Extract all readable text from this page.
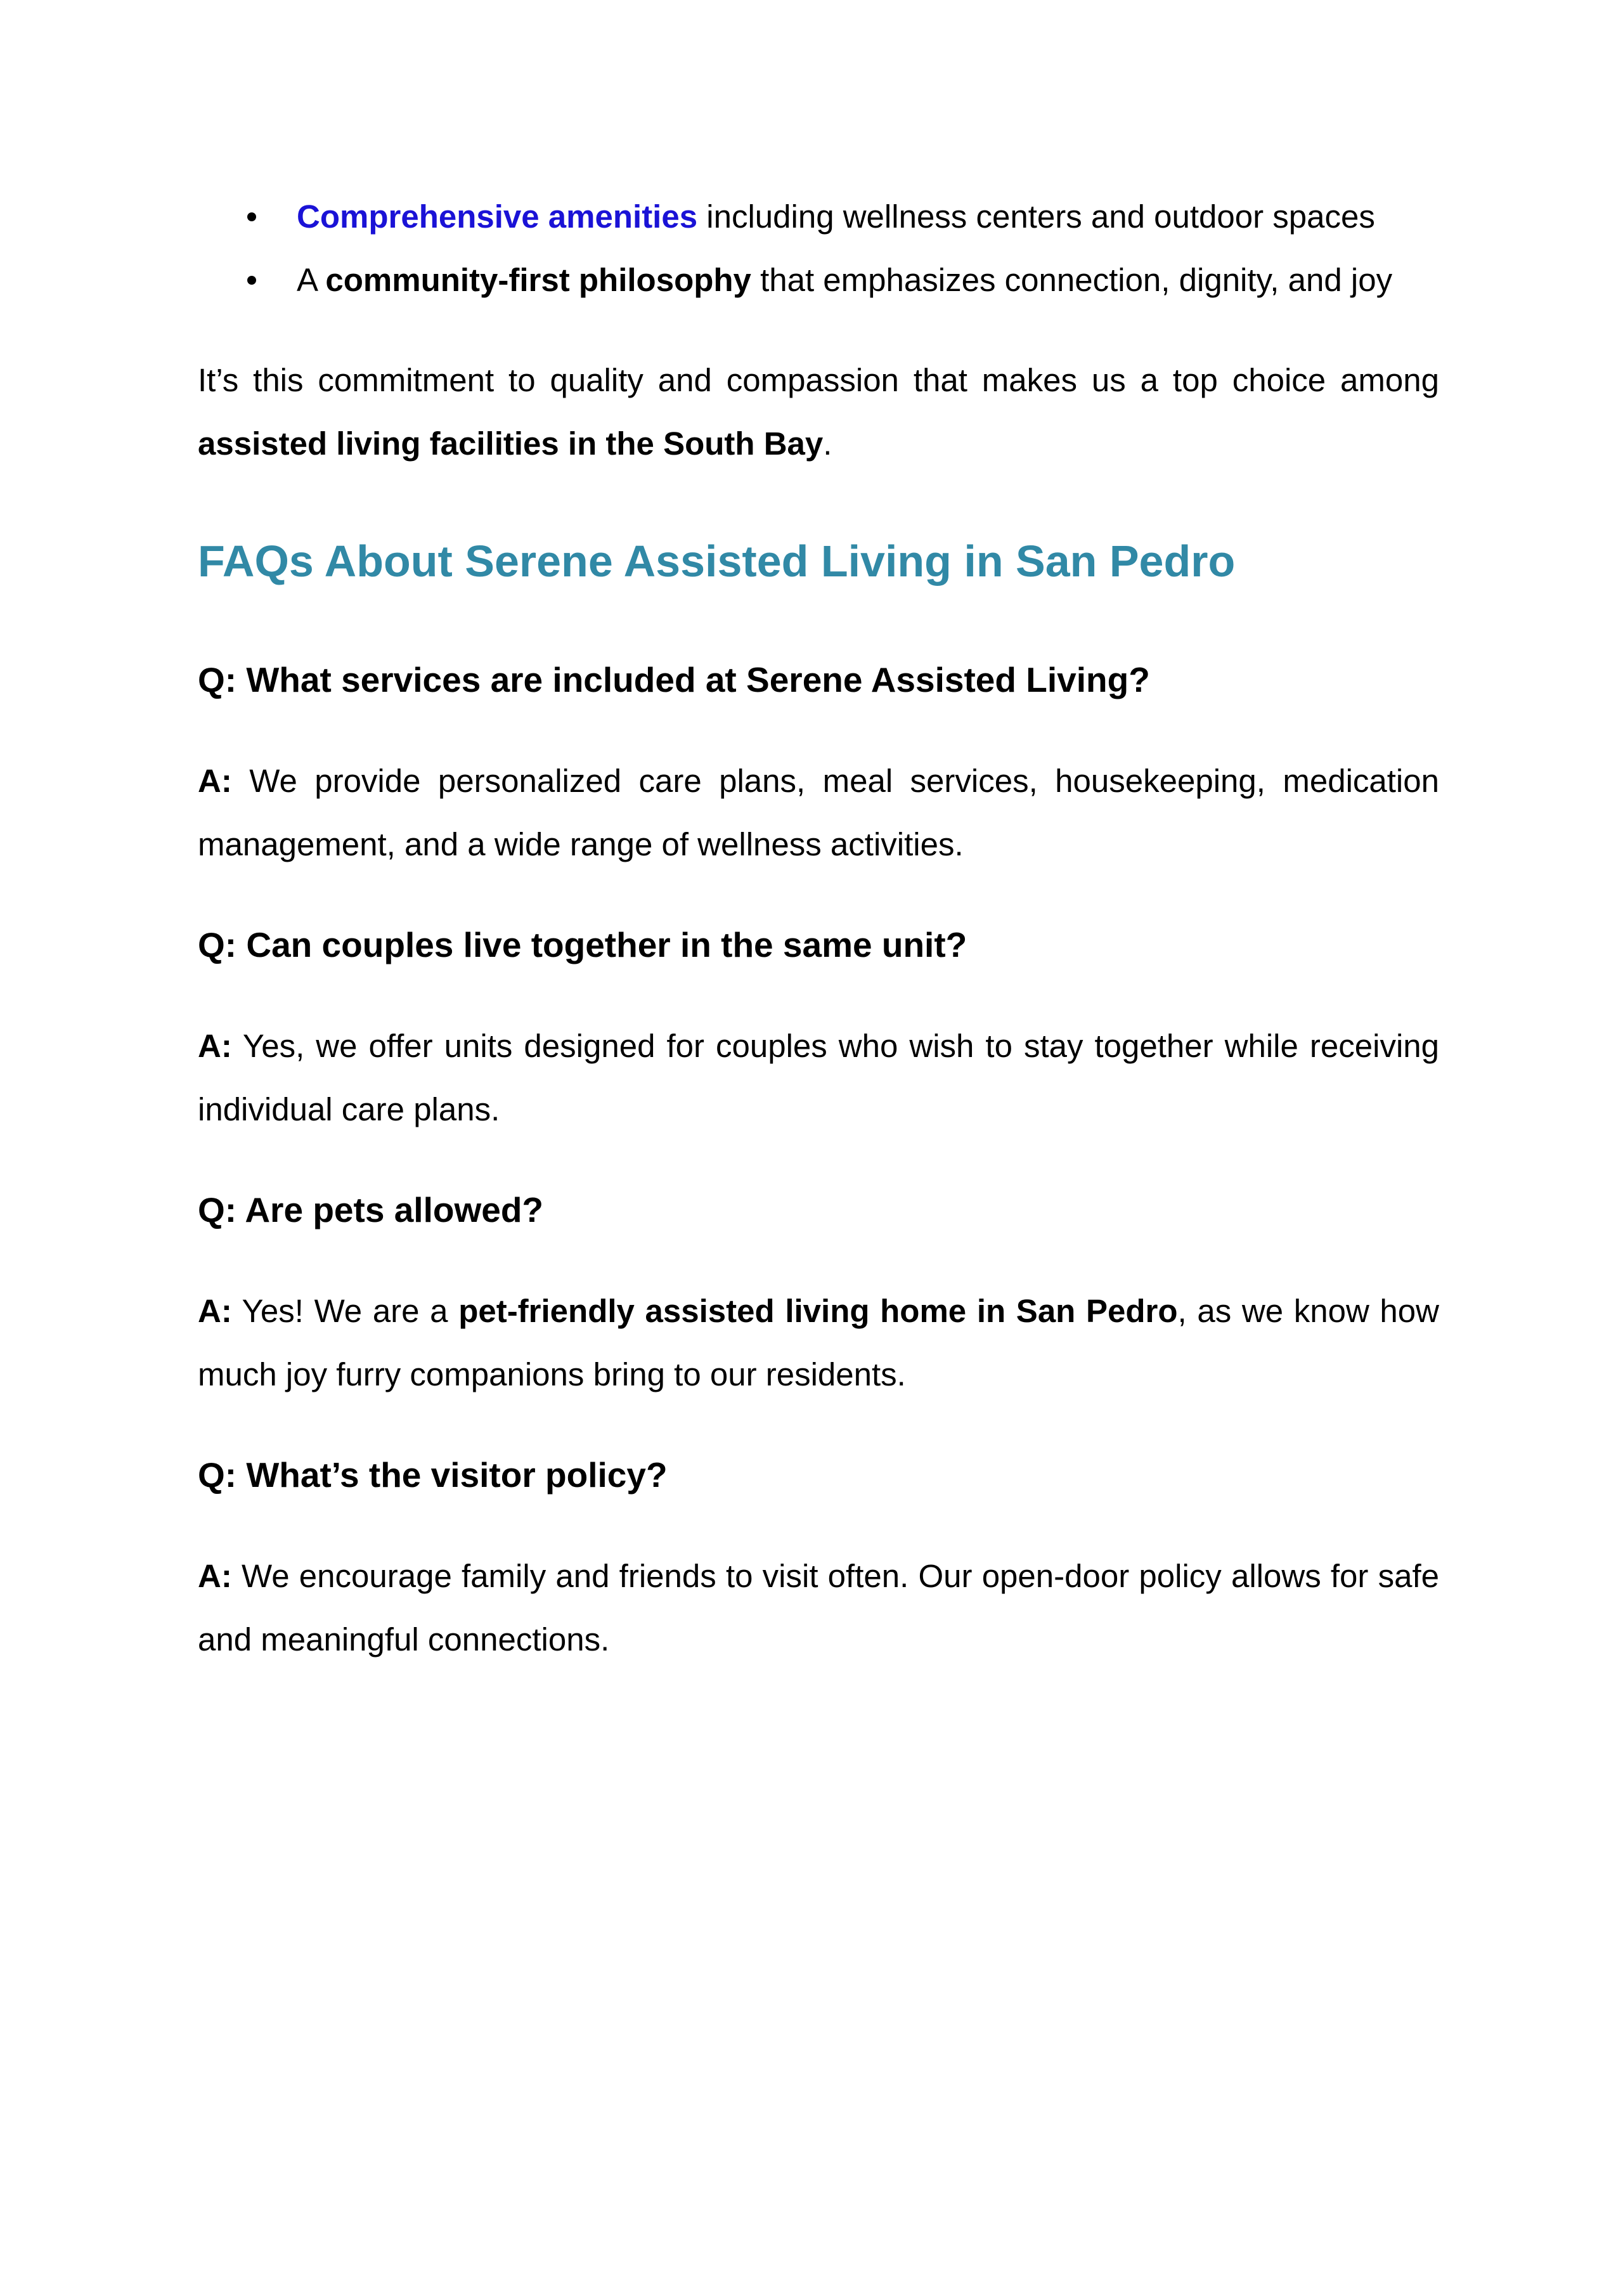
Comprehensive amenities including wellness centers and outdoor spaces
A community-first philosophy that emphasizes connection, dignity, and joy

It’s this commitment to quality and compassion that makes us a top choice among assisted living facilities in the South Bay.

FAQs About Serene Assisted Living in San Pedro
Q: What services are included at Serene Assisted Living?

A: We provide personalized care plans, meal services, housekeeping, medication management, and a wide range of wellness activities.

Q: Can couples live together in the same unit?

A: Yes, we offer units designed for couples who wish to stay together while receiving individual care plans.

Q: Are pets allowed?

A: Yes! We are a pet-friendly assisted living home in San Pedro, as we know how much joy furry companions bring to our residents.

Q: What’s the visitor policy?

A: We encourage family and friends to visit often. Our open-door policy allows for safe and meaningful connections.
